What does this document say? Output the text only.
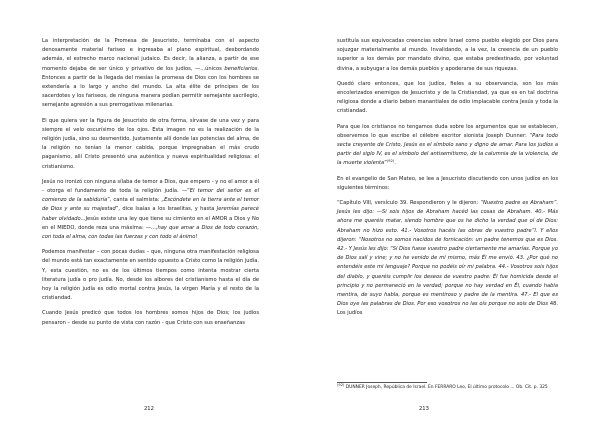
La interpretación de la Promesa de Jesucristo, terminaba con el aspecto denosamente material fariseo e ingresaba al plano espiritual, desbordando además, el estrecho marco nacional judaico. Es decir, la alianza, a partir de ese momento dejaba de ser único y privativo de los judíos, —...únicos beneficiarios. Entonces a partir de la llegada del mesías la promesa de Dios con los hombres se extendería a lo largo y ancho del mundo. La alta élite de príncipes de los sacerdotes y los fariseos, de ninguna manera podían permitir semejante sacrilegio, semejante agresión a sus prerrogativas milenarias.

El que quiera ver la figura de Jesucristo de otra forma, sírvase de una vez y para siempre el velo oscurísimo de los ojos. Esta imagen no es la realización de la religión judía, sino su desmentido. Justamente allí donde las potencias del alma, de la religión no tenían la menor cabida, porque impregnaban el más crudo paganismo, allí Cristo presentó una auténtica y nueva espiritualidad religiosa: el cristianismo.

Jesús no ironizó con ninguna sílaba de temor a Dios, que empero - y no el amor a él - otorga el fundamento de toda la religión judía. —“El temor del señor es el comienzo de la sabiduría”, canta el salmista: „Escóndete en la tierra ante el temor de Dios y ante su majestad”, dice Isaías a los Israelitas, y hasta Jeremías parecé haber olvidado...Jesús existe una ley que tiene su cimiento en el AMOR a Dios y No en el MIEDO, donde reza una máxima: —...,hay que amar a Dios de todo corazón, con toda el alma, con todas las fuerzas y con todo el ánimo!

Podemos manifestar – con pocas dudas – que, ninguna otra manifestación religiosa del mundo está tan exactamente en sentido opuesto a Cristo como la religión judía. Y, esta cuestión, no es de los últimos tiempos como intenta mostrar cierta literatura judía o pro judía. No, desde los albores del cristianismo hasta el día de hoy la religión judía es odio mortal contra Jesús, la virgen María y el resto de la cristiandad.

Cuando Jesús predicó que todos los hombres somos hijos de Dios; los judíos pensaron – desde su punto de vista con razón - que Cristo con sus enseñanzas

212

sustituía sus equivocadas creencias sobre Israel como pueblo elegido por Dios para sojuzgar materialmente al mundo. Invalidando, a la vez, la creencia de un pueblo superior a los demás por mandato divino, que estaba predestinado, por voluntad divina, a subyugar a los demás pueblos y apoderarse de sus riquezas.

Quedó claro entonces, que los judíos, fieles a su observancia, son los más encolerizados enemigos de Jesucristo y de la Cristiandad, ya que es en tal doctrina religiosa donde a diario beben manantiales de odio implacable contra Jesús y toda la cristiandad.

Para que los cristianos no tengamos duda sobre los argumentos que se establecen, observemos lo que escribe el célebre escritor sionista Joseph Dunner: “Para todo secta creyente de Cristo, Jesús es el símbolo sano y digno de amar. Para los judíos a partir del siglo IV, es el símbolo del antisemitismo, de la calumnia de la violencia, de la muerte violenta”$^{(92)}$.

En el evangelio de San Mateo, se lee a Jesucristo discutiendo con unos judíos en los siguientes términos:

“Capítulo VIII, versículo 39. Respondieron y le dijeron: “Nuestro padre es Abraham”. Jesús les dijo: —Si sois hijos de Abraham hacéd las cosas de Abraham. 40.- Más ahora me queréis matar, siendo hombre que os he dicho la verdad que oí de Dios: Abraham no hizo esto. 41.- Vosotros hacéis las obras de vuestro padre”l. Y ellos dijeron: “Nosotros no somos nacidos de fornicación: un padre tenemos que es Dios. 42.- Y Jesús les dijo: “Si Dios fuese vuestro padre ciertamente me amarías. Porque yo de Dios salí y vine; y no he venido de mí mismo, más Él me envió. 43. ¿Por qué no entendéis este mi lenguaje? Porque no podéis oír mi palabra. 44.- Vosotros sois hijos del diablo, y queréis cumplir los deseos de vuestro padre: Él fue homicida desde el principio y no permaneció en la verdad; porque no hay verdad en Él, cuando habla mentira, de suyo habla, porque es mentiroso y padre de la mentira. 47.- El que es Dios oye las palabras de Dios. Por eso vosotros no las oís porque no sois de Dios 48. Los judíos

$^{(92)}$ DUNNER Joseph, República de Israel. En FERRARO Leo, El último protocolo ... Ob. Cit. p. 325
213
